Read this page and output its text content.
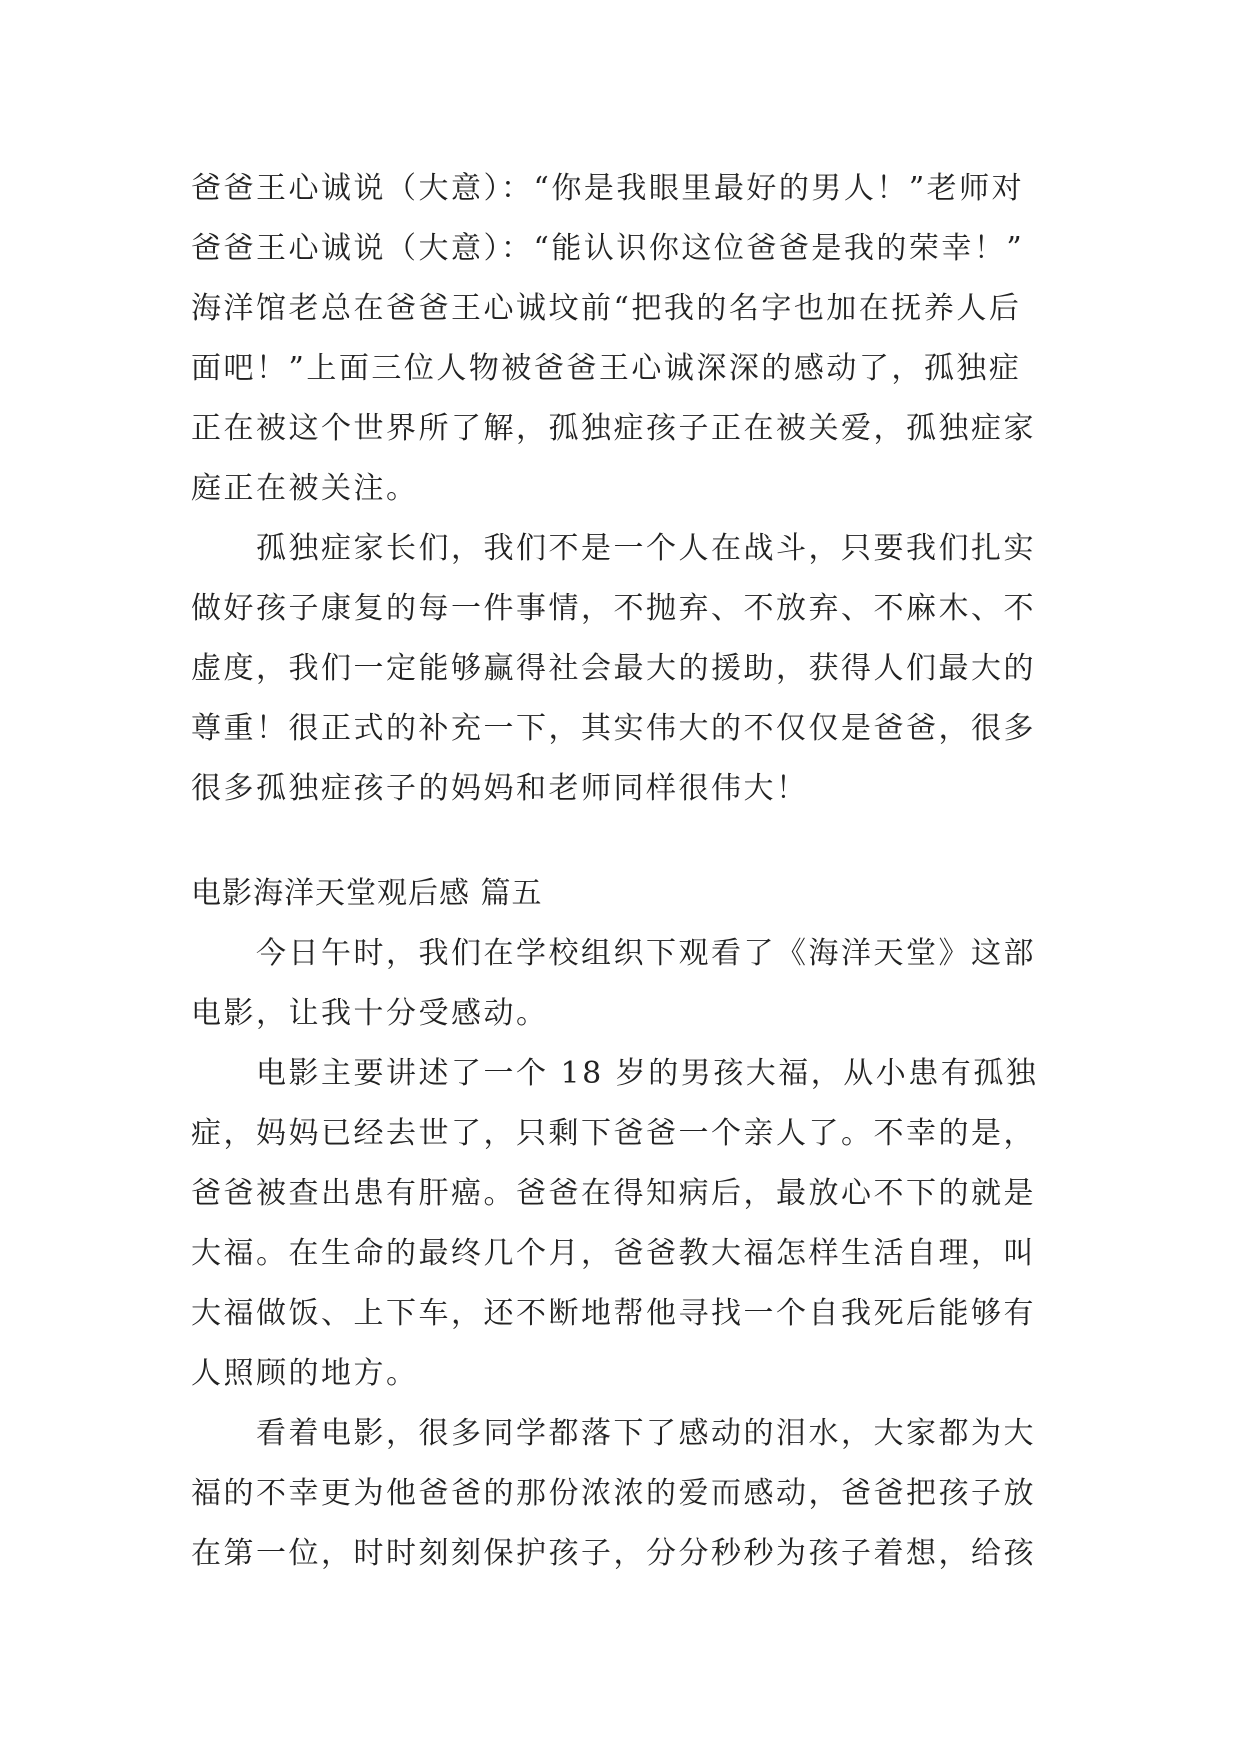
爸爸王心诚说（大意）：“你是我眼里最好的男人！”老师对
爸爸王心诚说（大意）：“能认识你这位爸爸是我的荣幸！”
海洋馆老总在爸爸王心诚坟前“把我的名字也加在抚养人后
面吧！”上面三位人物被爸爸王心诚深深的感动了，孤独症
正在被这个世界所了解，孤独症孩子正在被关爱，孤独症家
庭正在被关注。
　　孤独症家长们，我们不是一个人在战斗，只要我们扎实
做好孩子康复的每一件事情，不抛弃、不放弃、不麻木、不
虚度，我们一定能够赢得社会最大的援助，获得人们最大的
尊重！很正式的补充一下，其实伟大的不仅仅是爸爸，很多
很多孤独症孩子的妈妈和老师同样很伟大！
电影海洋天堂观后感 篇五
　　今日午时，我们在学校组织下观看了《海洋天堂》这部
电影，让我十分受感动。
　　电影主要讲述了一个 18 岁的男孩大福，从小患有孤独
症，妈妈已经去世了，只剩下爸爸一个亲人了。不幸的是，
爸爸被查出患有肝癌。爸爸在得知病后，最放心不下的就是
大福。在生命的最终几个月，爸爸教大福怎样生活自理，叫
大福做饭、上下车，还不断地帮他寻找一个自我死后能够有
人照顾的地方。
　　看着电影，很多同学都落下了感动的泪水，大家都为大
福的不幸更为他爸爸的那份浓浓的爱而感动，爸爸把孩子放
在第一位，时时刻刻保护孩子，分分秒秒为孩子着想，给孩
